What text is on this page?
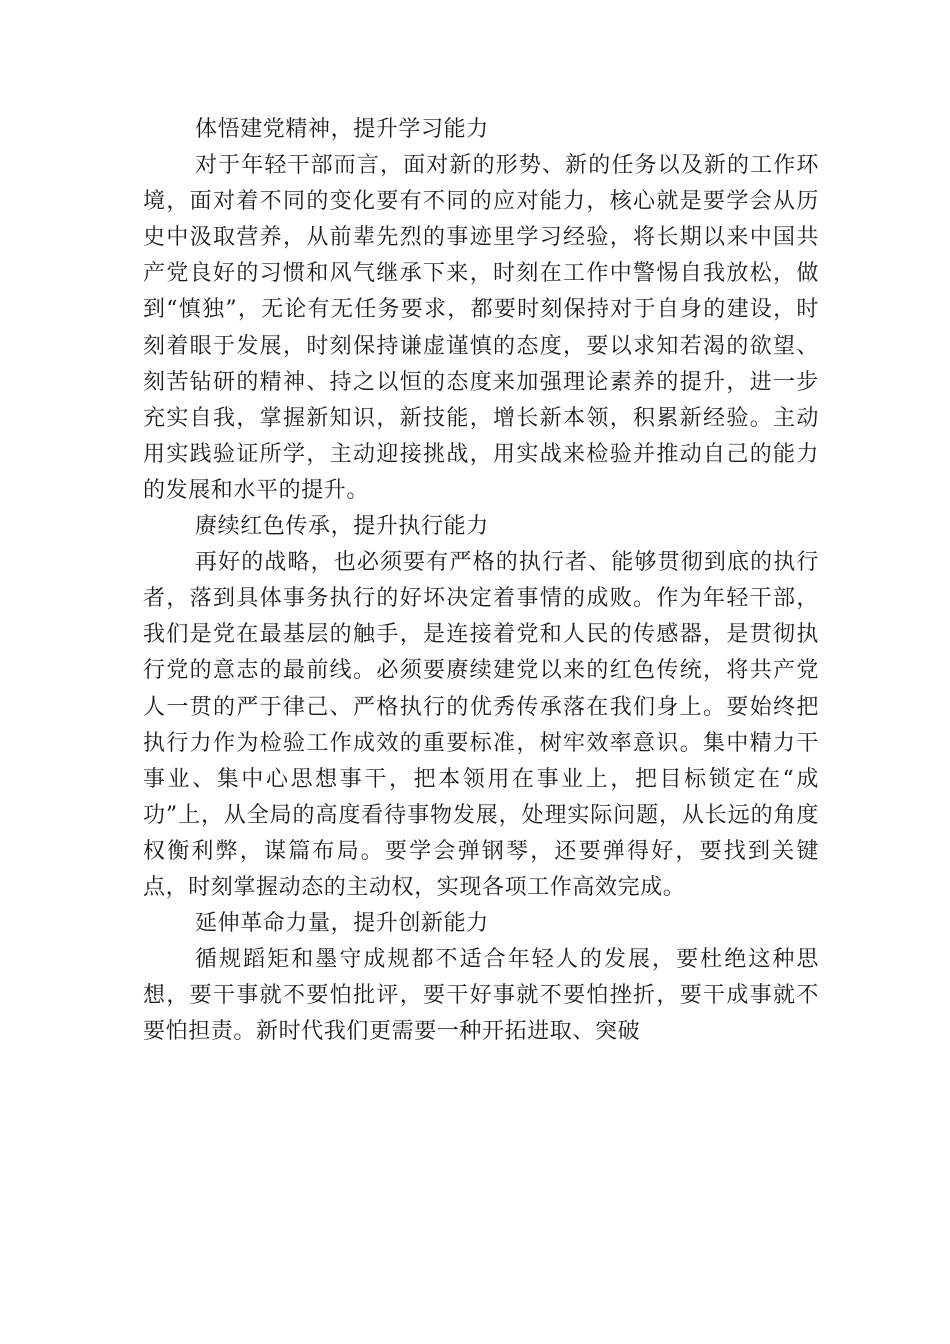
体悟建党精神，提升学习能力

对于年轻干部而言，面对新的形势、新的任务以及新的工作环境，面对着不同的变化要有不同的应对能力，核心就是要学会从历史中汲取营养，从前辈先烈的事迹里学习经验，将长期以来中国共产党良好的习惯和风气继承下来，时刻在工作中警惕自我放松，做到“慎独”，无论有无任务要求，都要时刻保持对于自身的建设，时刻着眼于发展，时刻保持谦虚谨慎的态度，要以求知若渴的欲望、刻苦钻研的精神、持之以恒的态度来加强理论素养的提升，进一步充实自我，掌握新知识，新技能，增长新本领，积累新经验。主动用实践验证所学，主动迎接挑战，用实战来检验并推动自己的能力的发展和水平的提升。

赓续红色传承，提升执行能力

再好的战略，也必须要有严格的执行者、能够贯彻到底的执行者，落到具体事务执行的好坏决定着事情的成败。作为年轻干部，我们是党在最基层的触手，是连接着党和人民的传感器，是贯彻执行党的意志的最前线。必须要赓续建党以来的红色传统，将共产党人一贯的严于律己、严格执行的优秀传承落在我们身上。要始终把执行力作为检验工作成效的重要标准，树牢效率意识。集中精力干事业、集中心思想事干，把本领用在事业上，把目标锁定在“成功”上，从全局的高度看待事物发展，处理实际问题，从长远的角度权衡利弊，谋篇布局。要学会弹钢琴，还要弹得好，要找到关键点，时刻掌握动态的主动权，实现各项工作高效完成。

延伸革命力量，提升创新能力

循规蹈矩和墨守成规都不适合年轻人的发展，要杜绝这种思想，要干事就不要怕批评，要干好事就不要怕挫折，要干成事就不要怕担责。新时代我们更需要一种开拓进取、突破
